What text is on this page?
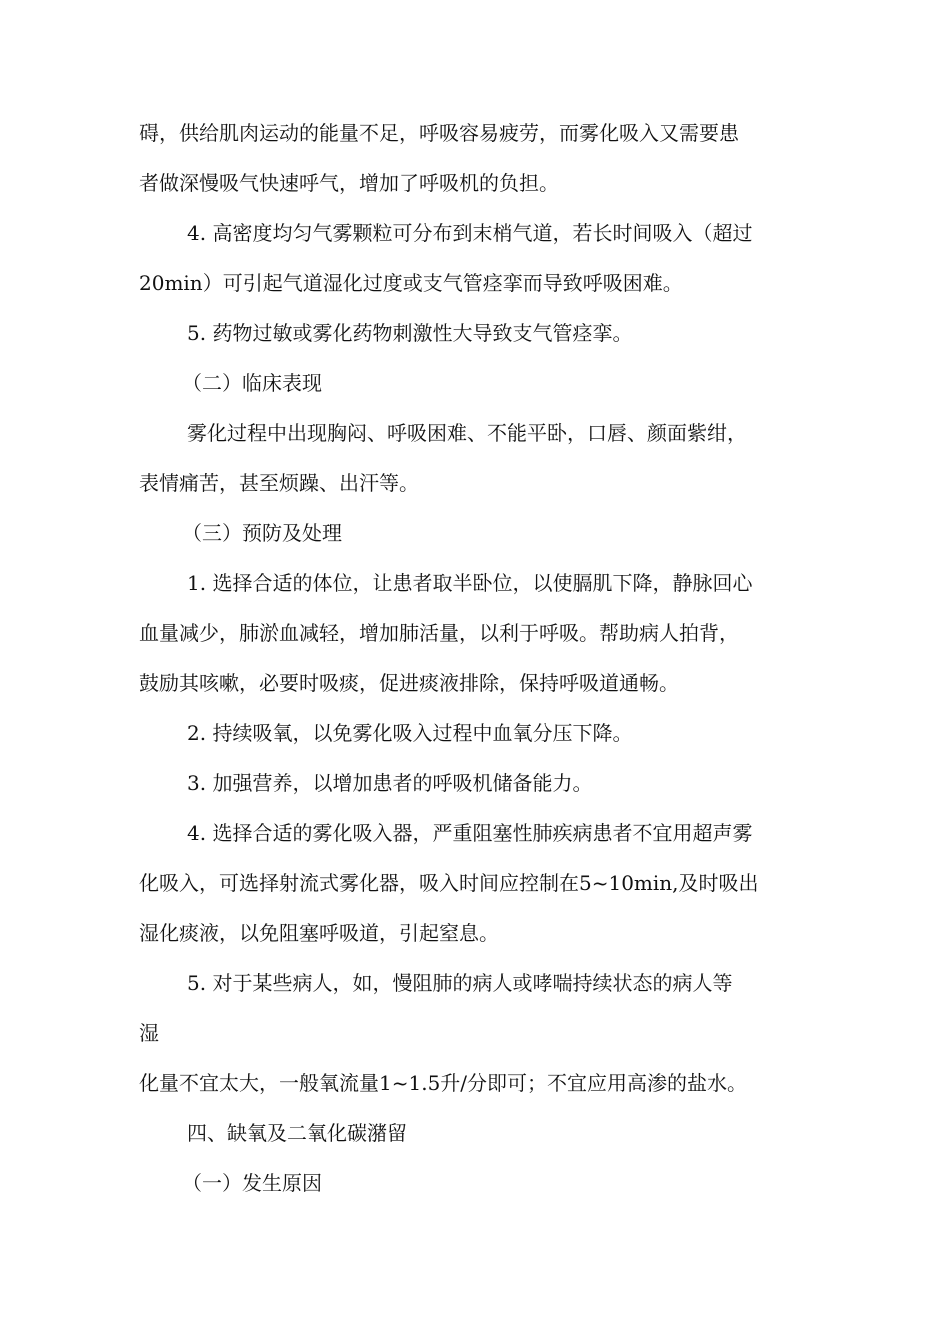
碍，供给肌肉运动的能量不足，呼吸容易疲劳，而雾化吸入又需要患

者做深慢吸气快速呼气，增加了呼吸机的负担。

4. 高密度均匀气雾颗粒可分布到末梢气道，若长时间吸入（超过

20min）可引起气道湿化过度或支气管痉挛而导致呼吸困难。

5. 药物过敏或雾化药物刺激性大导致支气管痉挛。

（二）临床表现

雾化过程中出现胸闷、呼吸困难、不能平卧，口唇、颜面紫绀，

表情痛苦，甚至烦躁、出汗等。

（三）预防及处理

1. 选择合适的体位，让患者取半卧位，以使膈肌下降，静脉回心

血量减少，肺淤血减轻，增加肺活量，以利于呼吸。帮助病人拍背，

鼓励其咳嗽，必要时吸痰，促进痰液排除，保持呼吸道通畅。

2. 持续吸氧，以免雾化吸入过程中血氧分压下降。

3. 加强营养，以增加患者的呼吸机储备能力。

4. 选择合适的雾化吸入器，严重阻塞性肺疾病患者不宜用超声雾

化吸入，可选择射流式雾化器，吸入时间应控制在5~10min,及时吸出

湿化痰液，以免阻塞呼吸道，引起窒息。

5. 对于某些病人，如，慢阻肺的病人或哮喘持续状态的病人等

湿

化量不宜太大，一般氧流量1~1.5升/分即可；不宜应用高渗的盐水。

四、缺氧及二氧化碳潴留

（一）发生原因
